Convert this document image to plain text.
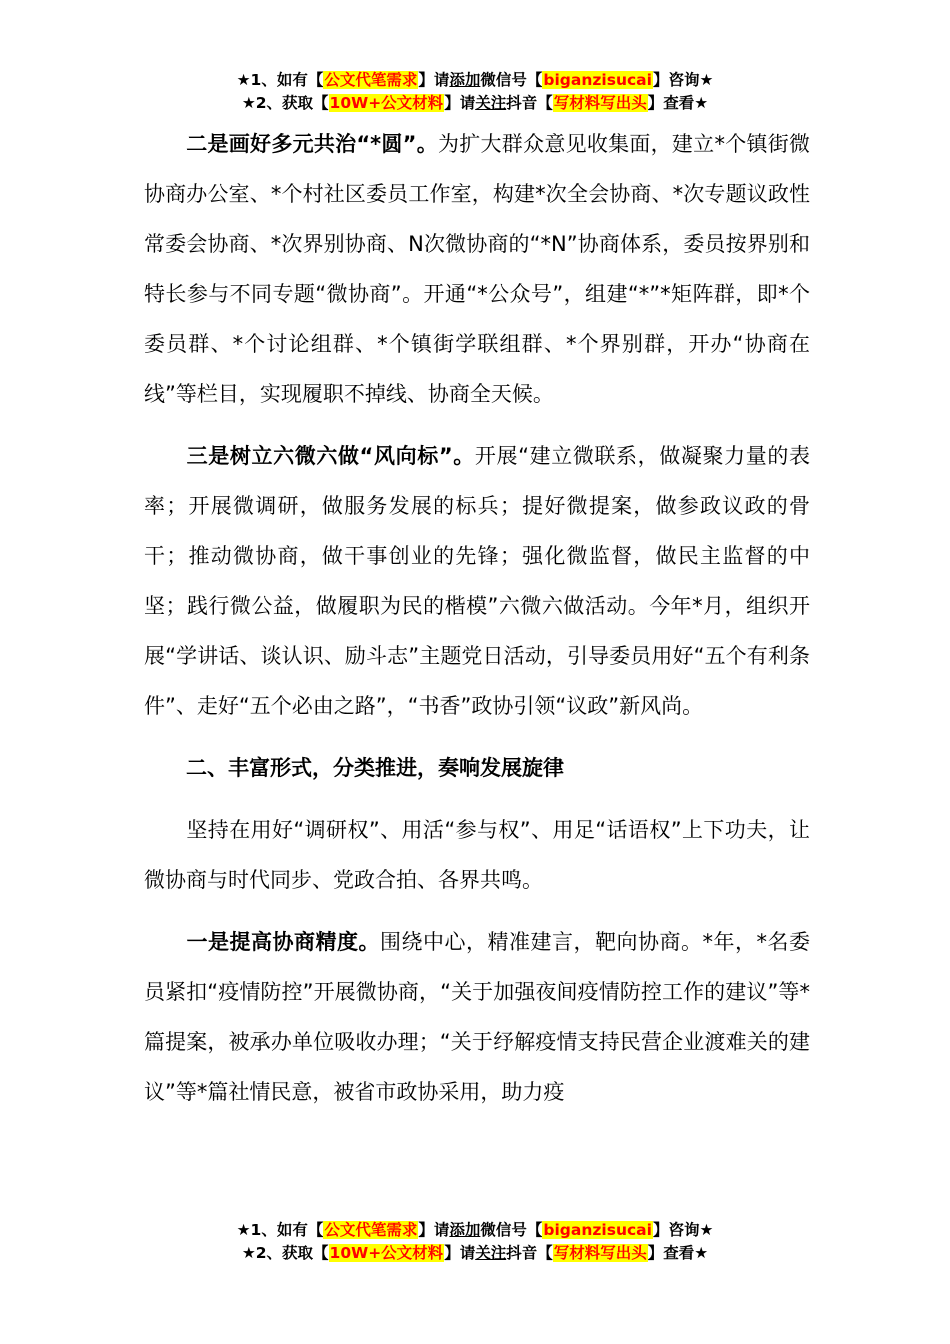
★1、如有【公文代笔需求】请添加微信号【biganzisucai】咨询★
★2、获取【10W+公文材料】请关注抖音【写材料写出头】查看★

二是画好多元共治“*圆”。为扩大群众意见收集面，建立*个镇街微协商办公室、*个村社区委员工作室，构建*次全会协商、*次专题议政性常委会协商、*次界别协商、N次微协商的“*N”协商体系，委员按界别和特长参与不同专题“微协商”。开通“*公众号”，组建“*”*矩阵群，即*个委员群、*个讨论组群、*个镇街学联组群、*个界别群，开办“协商在线”等栏目，实现履职不掉线、协商全天候。

三是树立六微六做“风向标”。开展“建立微联系，做凝聚力量的表率；开展微调研，做服务发展的标兵；提好微提案，做参政议政的骨干；推动微协商，做干事创业的先锋；强化微监督，做民主监督的中坚；践行微公益，做履职为民的楷模”六微六做活动。今年*月，组织开展“学讲话、谈认识、励斗志”主题党日活动，引导委员用好“五个有利条件”、走好“五个必由之路”，“书香”政协引领“议政”新风尚。

二、丰富形式，分类推进，奏响发展旋律

坚持在用好“调研权”、用活“参与权”、用足“话语权”上下功夫，让微协商与时代同步、党政合拍、各界共鸣。

一是提高协商精度。围绕中心，精准建言，靶向协商。*年，*名委员紧扣“疫情防控”开展微协商，“关于加强夜间疫情防控工作的建议”等*篇提案，被承办单位吸收办理；“关于纾解疫情支持民营企业渡难关的建议”等*篇社情民意，被省市政协采用，助力疫

★1、如有【公文代笔需求】请添加微信号【biganzisucai】咨询★
★2、获取【10W+公文材料】请关注抖音【写材料写出头】查看★
